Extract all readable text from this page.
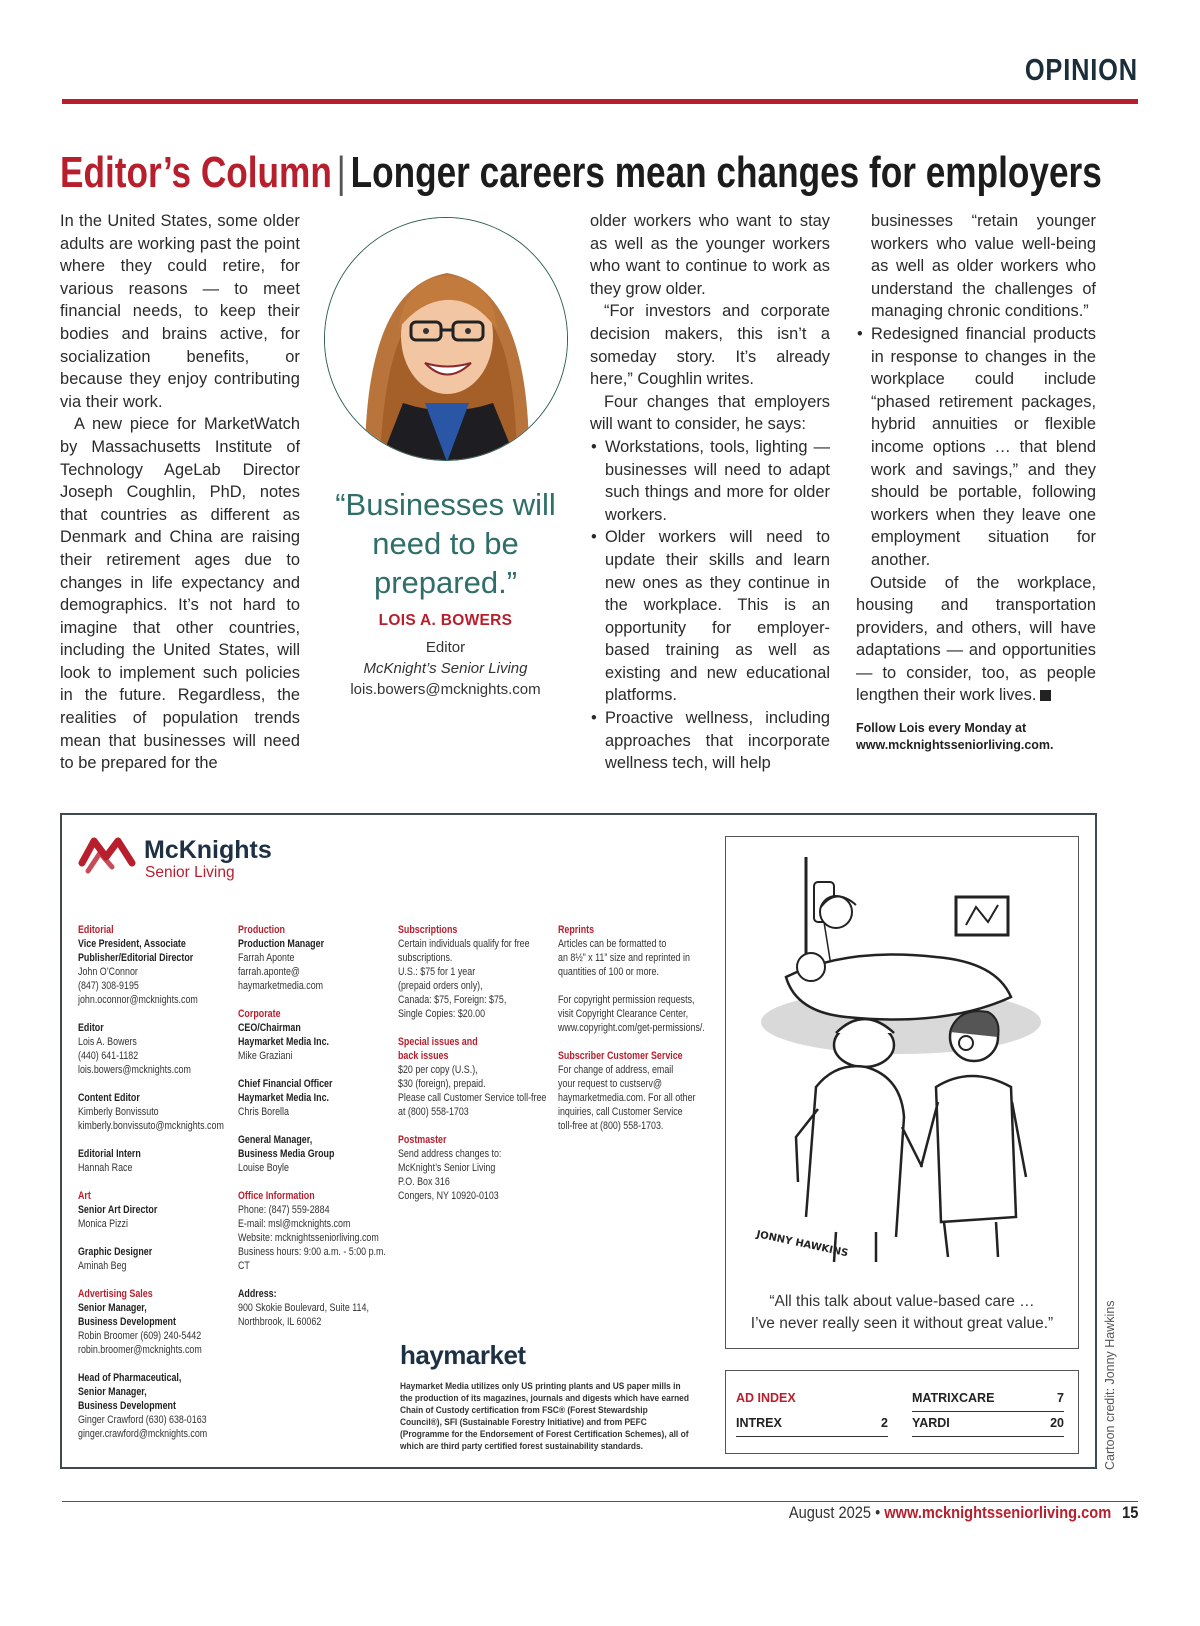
OPINION
Editor’s Column | Longer careers mean changes for employers

In the United States, some older adults are working past the point where they could retire, for various reasons — to meet financial needs, to keep their bodies and brains active, for socialization benefits, or because they enjoy contributing via their work.

A new piece for MarketWatch by Massachusetts Institute of Technology AgeLab Director Joseph Coughlin, PhD, notes that countries as different as Denmark and China are raising their retirement ages due to changes in life expectancy and demographics. It’s not hard to imagine that other countries, including the United States, will look to implement such policies in the future. Regardless, the realities of population trends mean that businesses will need to be prepared for the

“Businesses will need to be prepared.”
LOIS A. BOWERS
Editor
McKnight’s Senior Living
lois.bowers@mcknights.com

older workers who want to stay as well as the younger workers who want to continue to work as they grow older.

“For investors and corporate decision makers, this isn’t a someday story. It’s already here,” Coughlin writes.

Four changes that employers will want to consider, he says:

• Workstations, tools, lighting — businesses will need to adapt such things and more for older workers.
• Older workers will need to update their skills and learn new ones as they continue in the workplace. This is an opportunity for employer-based training as well as existing and new educational platforms.
• Proactive wellness, including approaches that incorporate wellness tech, will help

businesses “retain younger workers who value well-being as well as older workers who understand the challenges of managing chronic conditions.”

• Redesigned financial products in response to changes in the workplace could include “phased retirement packages, hybrid annuities or flexible income options … that blend work and savings,” and they should be portable, following workers when they leave one employment situation for another.

Outside of the workplace, housing and transportation providers, and others, will have adaptations — and opportunities — to consider, too, as people lengthen their work lives.

Follow Lois every Monday at
www.mcknightsseniorliving.com.
McKnights
Senior Living
Editorial
Vice President, Associate Publisher/Editorial Director
John O’Connor
(847) 308-9195
john.oconnor@mcknights.com
Editor
Lois A. Bowers
(440) 641-1182
lois.bowers@mcknights.com
Content Editor
Kimberly Bonvissuto
kimberly.bonvissuto@mcknights.com
Editorial Intern
Hannah Race
Art
Senior Art Director
Monica Pizzi
Graphic Designer
Aminah Beg
Advertising Sales
Senior Manager,
Business Development
Robin Broomer (609) 240-5442
robin.broomer@mcknights.com
Head of Pharmaceutical,
Senior Manager,
Business Development
Ginger Crawford (630) 638-0163
ginger.crawford@mcknights.com
Production
Production Manager
Farrah Aponte
farrah.aponte@
haymarketmedia.com
Corporate
CEO/Chairman
Haymarket Media Inc.
Mike Graziani
Chief Financial Officer
Haymarket Media Inc.
Chris Borella
General Manager,
Business Media Group
Louise Boyle
Office Information
Phone: (847) 559-2884
E-mail: msl@mcknights.com
Website: mcknightsseniorliving.com
Business hours: 9:00 a.m. - 5:00 p.m. CT
Address:
900 Skokie Boulevard, Suite 114,
Northbrook, IL 60062
Subscriptions
Certain individuals qualify for free
subscriptions.
U.S.: $75 for 1 year
(prepaid orders only),
Canada: $75, Foreign: $75,
Single Copies: $20.00
Special issues and
back issues
$20 per copy (U.S.),
$30 (foreign), prepaid.
Please call Customer Service toll-free
at (800) 558-1703
Postmaster
Send address changes to:
McKnight’s Senior Living
P.O. Box 316
Congers, NY 10920-0103
Reprints
Articles can be formatted to
an 8½” x 11” size and reprinted in
quantities of 100 or more.
For copyright permission requests,
visit Copyright Clearance Center,
www.copyright.com/get-permissions/.
Subscriber Customer Service
For change of address, email
your request to custserv@
haymarketmedia.com. For all other
inquiries, call Customer Service
toll-free at (800) 558-1703.
haymarket
Haymarket Media utilizes only US printing plants and US paper mills in the production of its magazines, journals and digests which have earned Chain of Custody certification from FSC® (Forest Stewardship Council®), SFI (Sustainable Forestry Initiative) and from PEFC (Programme for the Endorsement of Forest Certification Schemes), all of which are third party certified forest sustainability standards.
JONNY HAWKINS
“All this talk about value-based care …
I’ve never really seen it without great value.”
AD INDEX
INTREX	2
MATRIXCARE	7
YARDI	20	Cartoon credit: Jonny Hawkins
August 2025 • www.mcknightsseniorliving.com 15
